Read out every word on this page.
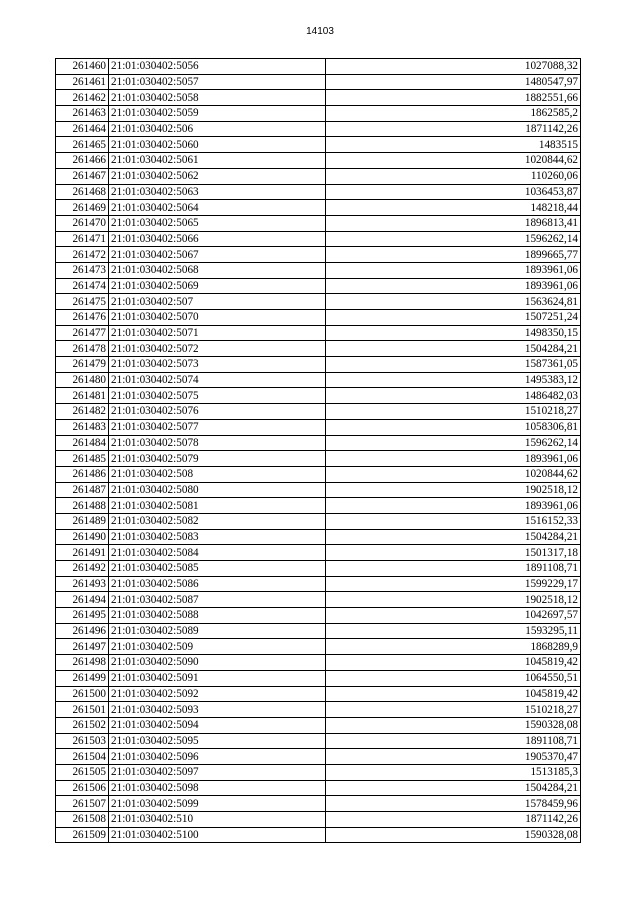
14103
261460	21:01:030402:5056	1027088,32
261461	21:01:030402:5057	1480547,97
261462	21:01:030402:5058	1882551,66
261463	21:01:030402:5059	1862585,2
261464	21:01:030402:506	1871142,26
261465	21:01:030402:5060	1483515
261466	21:01:030402:5061	1020844,62
261467	21:01:030402:5062	110260,06
261468	21:01:030402:5063	1036453,87
261469	21:01:030402:5064	148218,44
261470	21:01:030402:5065	1896813,41
261471	21:01:030402:5066	1596262,14
261472	21:01:030402:5067	1899665,77
261473	21:01:030402:5068	1893961,06
261474	21:01:030402:5069	1893961,06
261475	21:01:030402:507	1563624,81
261476	21:01:030402:5070	1507251,24
261477	21:01:030402:5071	1498350,15
261478	21:01:030402:5072	1504284,21
261479	21:01:030402:5073	1587361,05
261480	21:01:030402:5074	1495383,12
261481	21:01:030402:5075	1486482,03
261482	21:01:030402:5076	1510218,27
261483	21:01:030402:5077	1058306,81
261484	21:01:030402:5078	1596262,14
261485	21:01:030402:5079	1893961,06
261486	21:01:030402:508	1020844,62
261487	21:01:030402:5080	1902518,12
261488	21:01:030402:5081	1893961,06
261489	21:01:030402:5082	1516152,33
261490	21:01:030402:5083	1504284,21
261491	21:01:030402:5084	1501317,18
261492	21:01:030402:5085	1891108,71
261493	21:01:030402:5086	1599229,17
261494	21:01:030402:5087	1902518,12
261495	21:01:030402:5088	1042697,57
261496	21:01:030402:5089	1593295,11
261497	21:01:030402:509	1868289,9
261498	21:01:030402:5090	1045819,42
261499	21:01:030402:5091	1064550,51
261500	21:01:030402:5092	1045819,42
261501	21:01:030402:5093	1510218,27
261502	21:01:030402:5094	1590328,08
261503	21:01:030402:5095	1891108,71
261504	21:01:030402:5096	1905370,47
261505	21:01:030402:5097	1513185,3
261506	21:01:030402:5098	1504284,21
261507	21:01:030402:5099	1578459,96
261508	21:01:030402:510	1871142,26
261509	21:01:030402:5100	1590328,08
